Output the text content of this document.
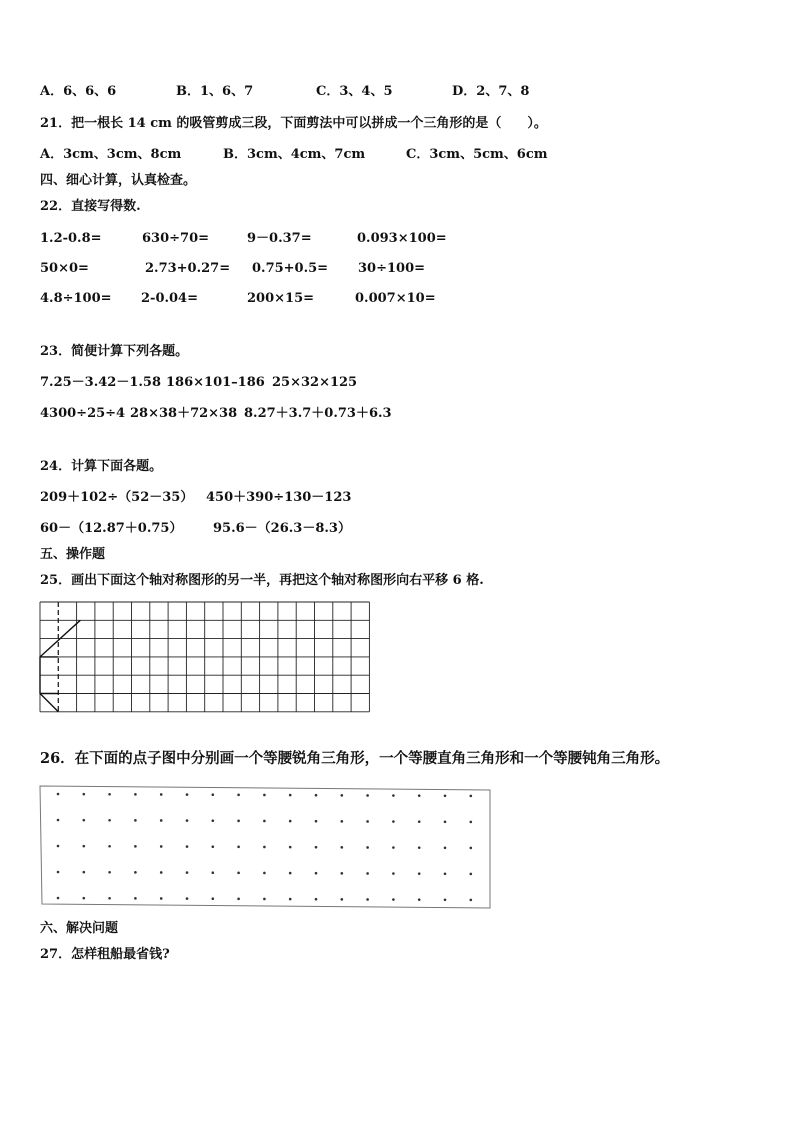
A．6、6、6	B．1、6、7	C．3、4、5	D．2、7、8
21．把一根长 14 cm 的吸管剪成三段，下面剪法中可以拼成一个三角形的是（　　）。
A．3cm、3cm、8cm	B．3cm、4cm、7cm	C．3cm、5cm、6cm
四、细心计算，认真检查。
22．直接写得数.
1.2-0.8=	630÷70=	9－0.37=	0.093×100=
50×0=	2.73+0.27= 0.75+0.5= 30÷100=
4.8÷100= 2-0.04=	200×15=	0.007×10=
23．简便计算下列各题。
7.25－3.42－1.58 186×101–186 25×32×125
4300÷25÷4 28×38＋72×38 8.27＋3.7＋0.73＋6.3
24．计算下面各题。
209＋102÷（52－35） 450＋390÷130－123
60－（12.87＋0.75） 95.6－（26.3－8.3）
五、操作题
25．画出下面这个轴对称图形的另一半，再把这个轴对称图形向右平移 6 格.
26．在下面的点子图中分别画一个等腰锐角三角形，一个等腰直角三角形和一个等腰钝角三角形。
六、解决问题
27．怎样租船最省钱?
